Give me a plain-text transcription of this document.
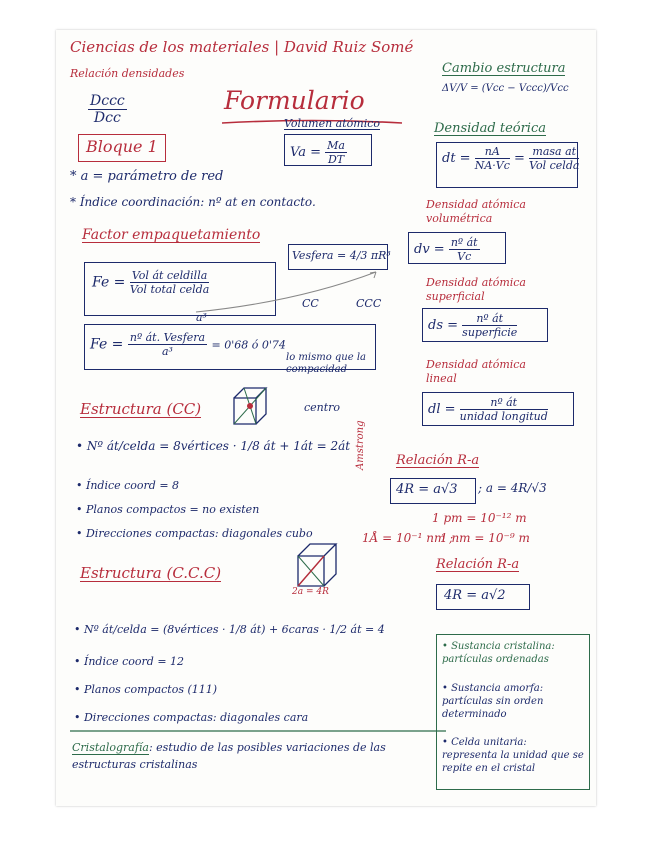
Ciencias de los materiales | David Ruiz Somé
Relación densidades	Cambio estructura
ΔV/V = (Vcc − Vccc)/Vcc
$\frac{\text{Dccc}}{\text{Dcc}}$	Formulario
Bloque 1
Volumen atómico
$Va = \frac{Ma}{DT}$
Densidad teórica
dt = $\frac{nA}{NA\cdot Vc} = \frac{\text{masa at}}{\text{Vol celda}}$
* a = parámetro de red
* Índice coordinación: nº at en contacto.	Densidad atómica volumétrica
dv = $\frac{\text{nº át}}{Vc}$
Factor empaquetamiento
Vesfera = 4/3 πR³
$Fe = \frac{\text{Vol át celdilla}}{\text{Vol total celda}}$
a³
CC	CCC
$Fe = \frac{\text{nº át. Vesfera}}{\text{a³}} = 0'68$ ó 0'74
lo mismo que la compacidad
Densidad atómica superficial
ds = $\frac{\text{nº át}}{\text{superficie}}$
Densidad atómica lineal
dl = $\frac{\text{nº át}}{\text{unidad longitud}}$
Estructura (CC)	centro
• Nº át/celda = 8vértices · 1/8 át + 1át = 2át
• Índice coord = 8
• Planos compactos = no existen
• Direcciones compactas: diagonales cubo
Relación R-a
4R = a√3 ; a = 4R/√3
Amstrong
1 pm = 10⁻¹² m
1Å = 10⁻¹ nm ;
1 nm = 10⁻⁹ m
Estructura (C.C.C)
2a = 4R
Relación R-a
4R = a√2
• Nº át/celda = (8vértices · 1/8 át) + 6caras · 1/2 át = 4
• Índice coord = 12
• Planos compactos (111)
• Direcciones compactas: diagonales cara
• Sustancia cristalina: partículas ordenadas
• Sustancia amorfa: partículas sin orden determinado
• Celda unitaria: representa la unidad que se repite en el cristal
Cristalografía: estudio de las posibles variaciones de las estructuras cristalinas
